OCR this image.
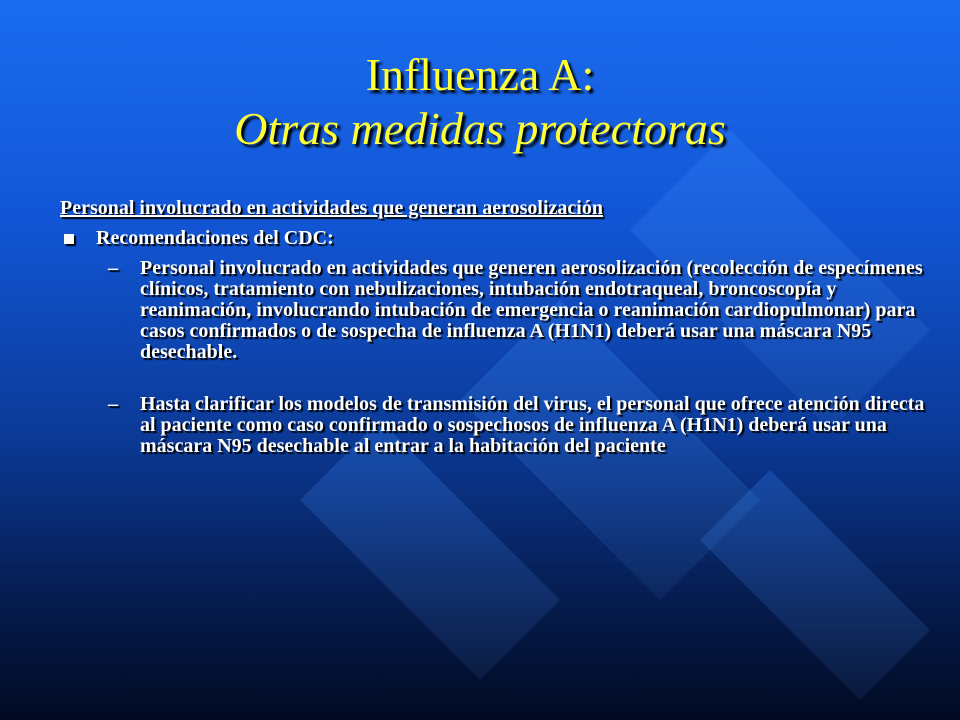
Influenza A:
Otras medidas protectoras
Personal involucrado en actividades que generan aerosolización
Recomendaciones del CDC:
– Personal involucrado en actividades que generen aerosolización (recolección de especímenes clínicos, tratamiento con nebulizaciones, intubación endotraqueal, broncoscopía y reanimación, involucrando intubación de emergencia o reanimación cardiopulmonar) para casos confirmados o de sospecha de influenza A (H1N1) deberá usar una máscara N95 desechable.
– Hasta clarificar los modelos de transmisión del virus, el personal que ofrece atención directa al paciente como caso confirmado o sospechosos de influenza A (H1N1) deberá usar una máscara N95 desechable al entrar a la habitación del paciente
